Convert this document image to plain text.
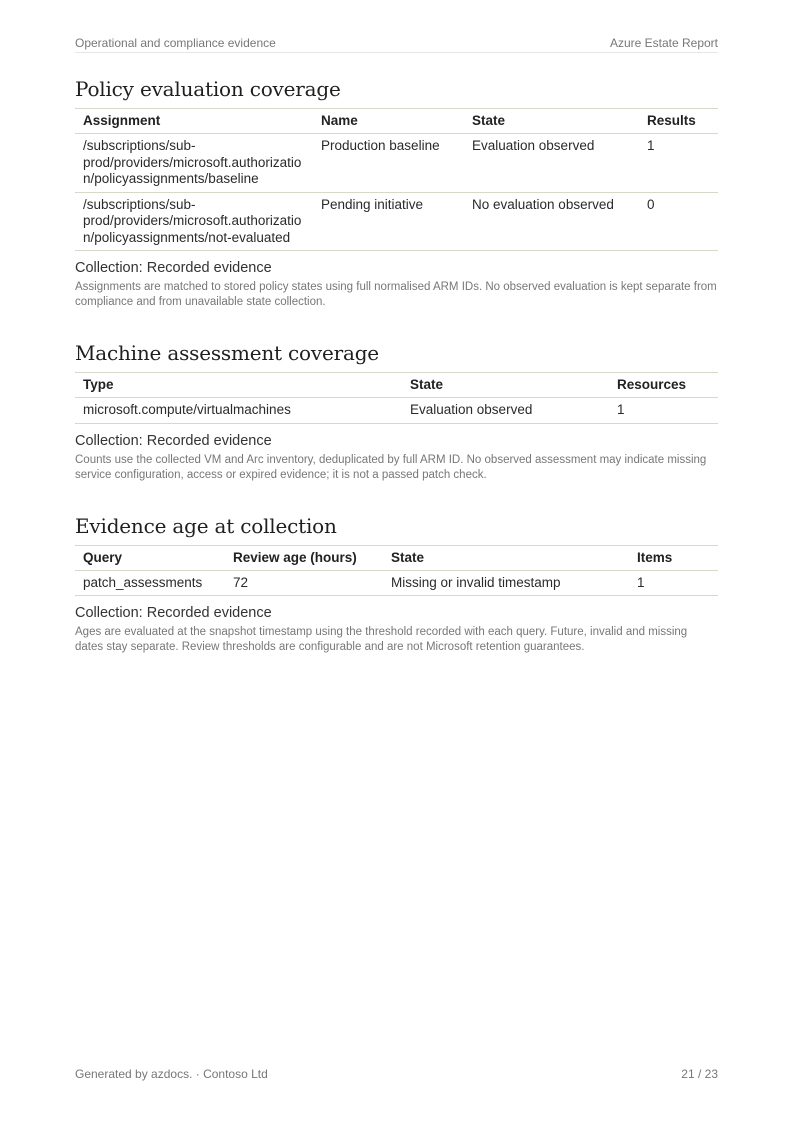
Operational and compliance evidence	Azure Estate Report
Policy evaluation coverage
Assignment	Name	State	Results
/subscriptions/sub-prod/providers/microsoft.authorization/policyassignments/baseline	Production baseline	Evaluation observed	1
/subscriptions/sub-prod/providers/microsoft.authorization/policyassignments/not-evaluated	Pending initiative	No evaluation observed	0
Collection: Recorded evidence

Assignments are matched to stored policy states using full normalised ARM IDs. No observed evaluation is kept separate from compliance and from unavailable state collection.

Machine assessment coverage
Type	State	Resources
microsoft.compute/virtualmachines	Evaluation observed	1
Collection: Recorded evidence

Counts use the collected VM and Arc inventory, deduplicated by full ARM ID. No observed assessment may indicate missing service configuration, access or expired evidence; it is not a passed patch check.

Evidence age at collection
Query	Review age (hours)	State	Items
patch_assessments	72	Missing or invalid timestamp	1
Collection: Recorded evidence

Ages are evaluated at the snapshot timestamp using the threshold recorded with each query. Future, invalid and missing dates stay separate. Review thresholds are configurable and are not Microsoft retention guarantees.

Generated by azdocs. · Contoso Ltd	21 / 23
